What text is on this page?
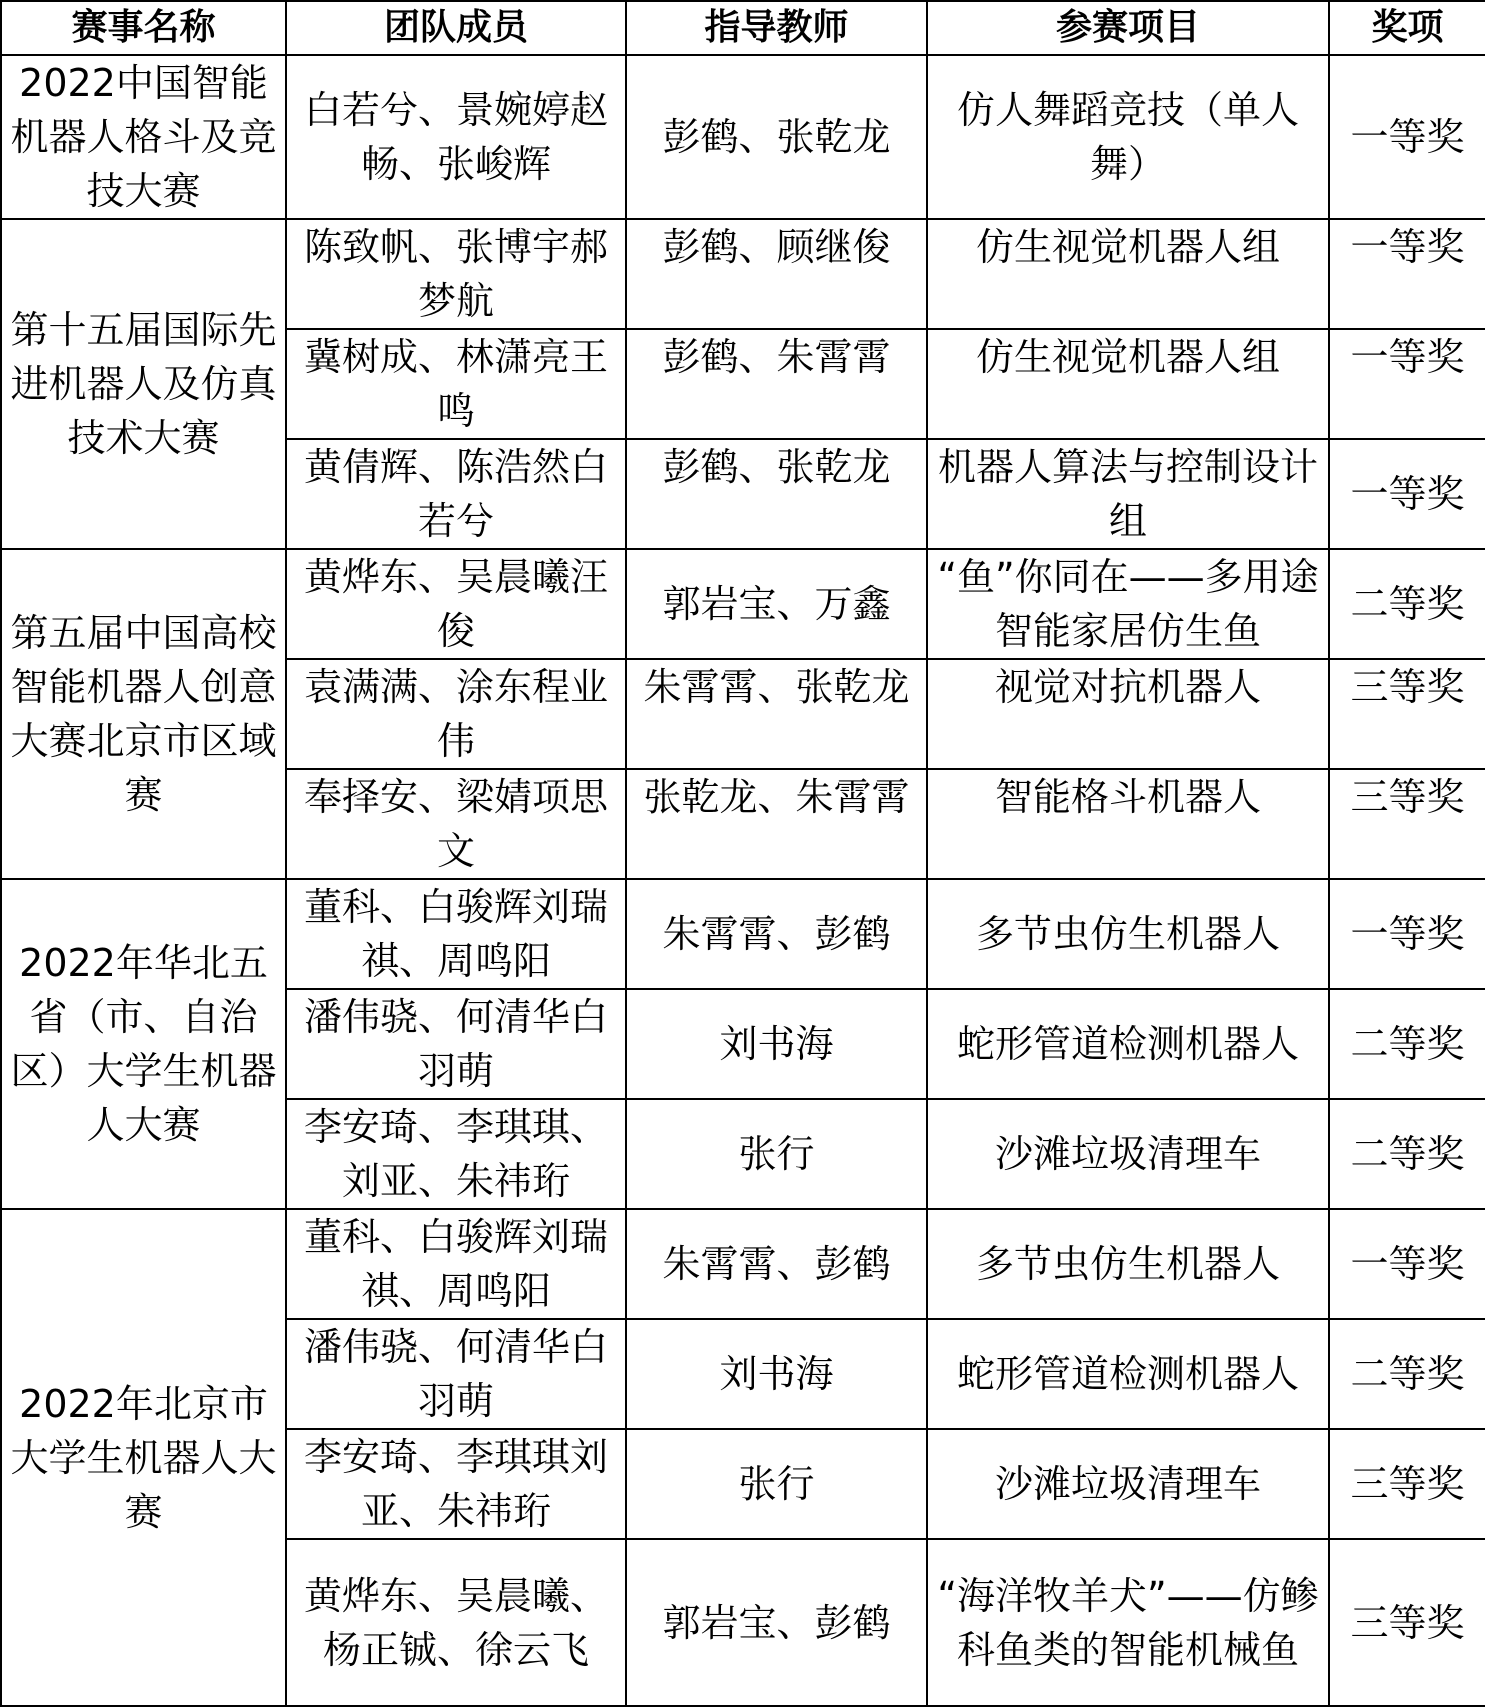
赛事名称	团队成员	指导教师	参赛项目	奖项
2022中国智能机器人格斗及竞技大赛	白若兮、景婉婷赵畅、张峻辉	彭鹤、张乾龙	仿人舞蹈竞技（单人舞）	一等奖
第十五届国际先进机器人及仿真技术大赛	陈致帆、张博宇郝梦航	彭鹤、顾继俊	仿生视觉机器人组	一等奖
	冀树成、林潇亮王鸣	彭鹤、朱霄霄	仿生视觉机器人组	一等奖
	黄倩辉、陈浩然白若兮	彭鹤、张乾龙	机器人算法与控制设计组	一等奖
第五届中国高校智能机器人创意大赛北京市区域赛	黄烨东、吴晨曦汪俊	郭岩宝、万鑫	“鱼”你同在——多用途智能家居仿生鱼	二等奖
	袁满满、涂东程业伟	朱霄霄、张乾龙	视觉对抗机器人	三等奖
	奉择安、梁婧项思文	张乾龙、朱霄霄	智能格斗机器人	三等奖
2022年华北五省（市、自治区）大学生机器人大赛	董科、白骏辉刘瑞祺、周鸣阳	朱霄霄、彭鹤	多节虫仿生机器人	一等奖
	潘伟骁、何清华白羽萌	刘书海	蛇形管道检测机器人	二等奖
	李安琦、李琪琪、刘亚、朱祎珩	张行	沙滩垃圾清理车	二等奖
2022年北京市大学生机器人大赛	董科、白骏辉刘瑞祺、周鸣阳	朱霄霄、彭鹤	多节虫仿生机器人	一等奖
	潘伟骁、何清华白羽萌	刘书海	蛇形管道检测机器人	二等奖
	李安琦、李琪琪刘亚、朱祎珩	张行	沙滩垃圾清理车	三等奖
	黄烨东、吴晨曦、杨正铖、徐云飞	郭岩宝、彭鹤	“海洋牧羊犬”——仿鲹科鱼类的智能机械鱼	三等奖
